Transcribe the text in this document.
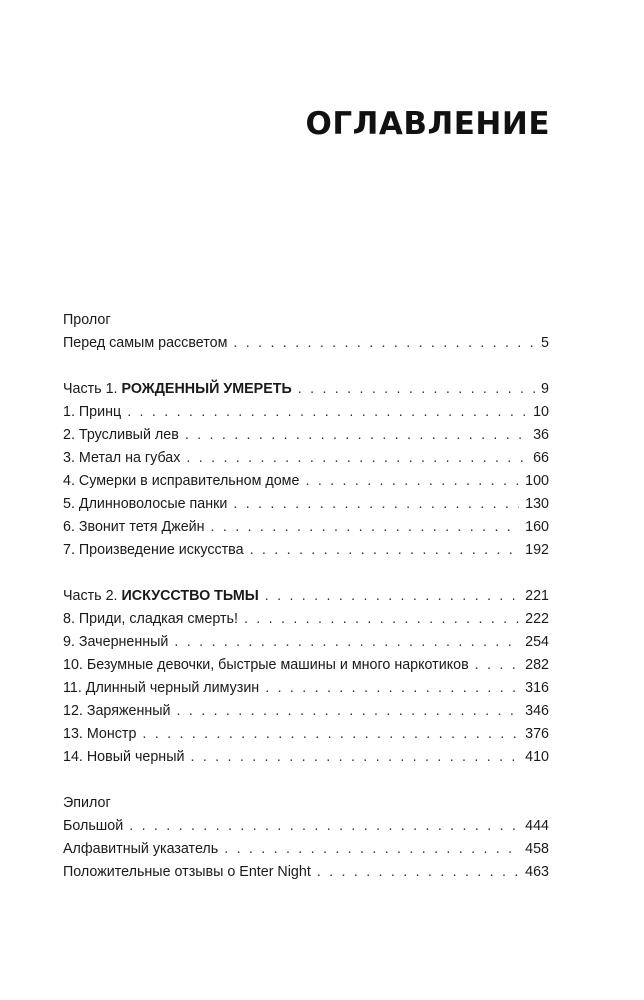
ОГЛАВЛЕНИЕ
Пролог
Перед самым рассветом . . .	5
Часть 1. РОЖДЕННЫЙ УМЕРЕТЬ . . .	9
1. Принц . . .	10
2. Трусливый лев . . .	36
3. Метал на губах . . .	66
4. Сумерки в исправительном доме . . .	100
5. Длинноволосые панки . . .	130
6. Звонит тетя Джейн . . .	160
7. Произведение искусства . . .	192
Часть 2. ИСКУССТВО ТЬМЫ . . .	221
8. Приди, сладкая смерть! . . .	222
9. Зачерненный . . .	254
10. Безумные девочки, быстрые машины и много наркотиков . . .	282
11. Длинный черный лимузин . . .	316
12. Заряженный . . .	346
13. Монстр . . .	376
14. Новый черный . . .	410
Эпилог
Большой . . .	444
Алфавитный указатель . . .	458
Положительные отзывы о Enter Night . . .	463
